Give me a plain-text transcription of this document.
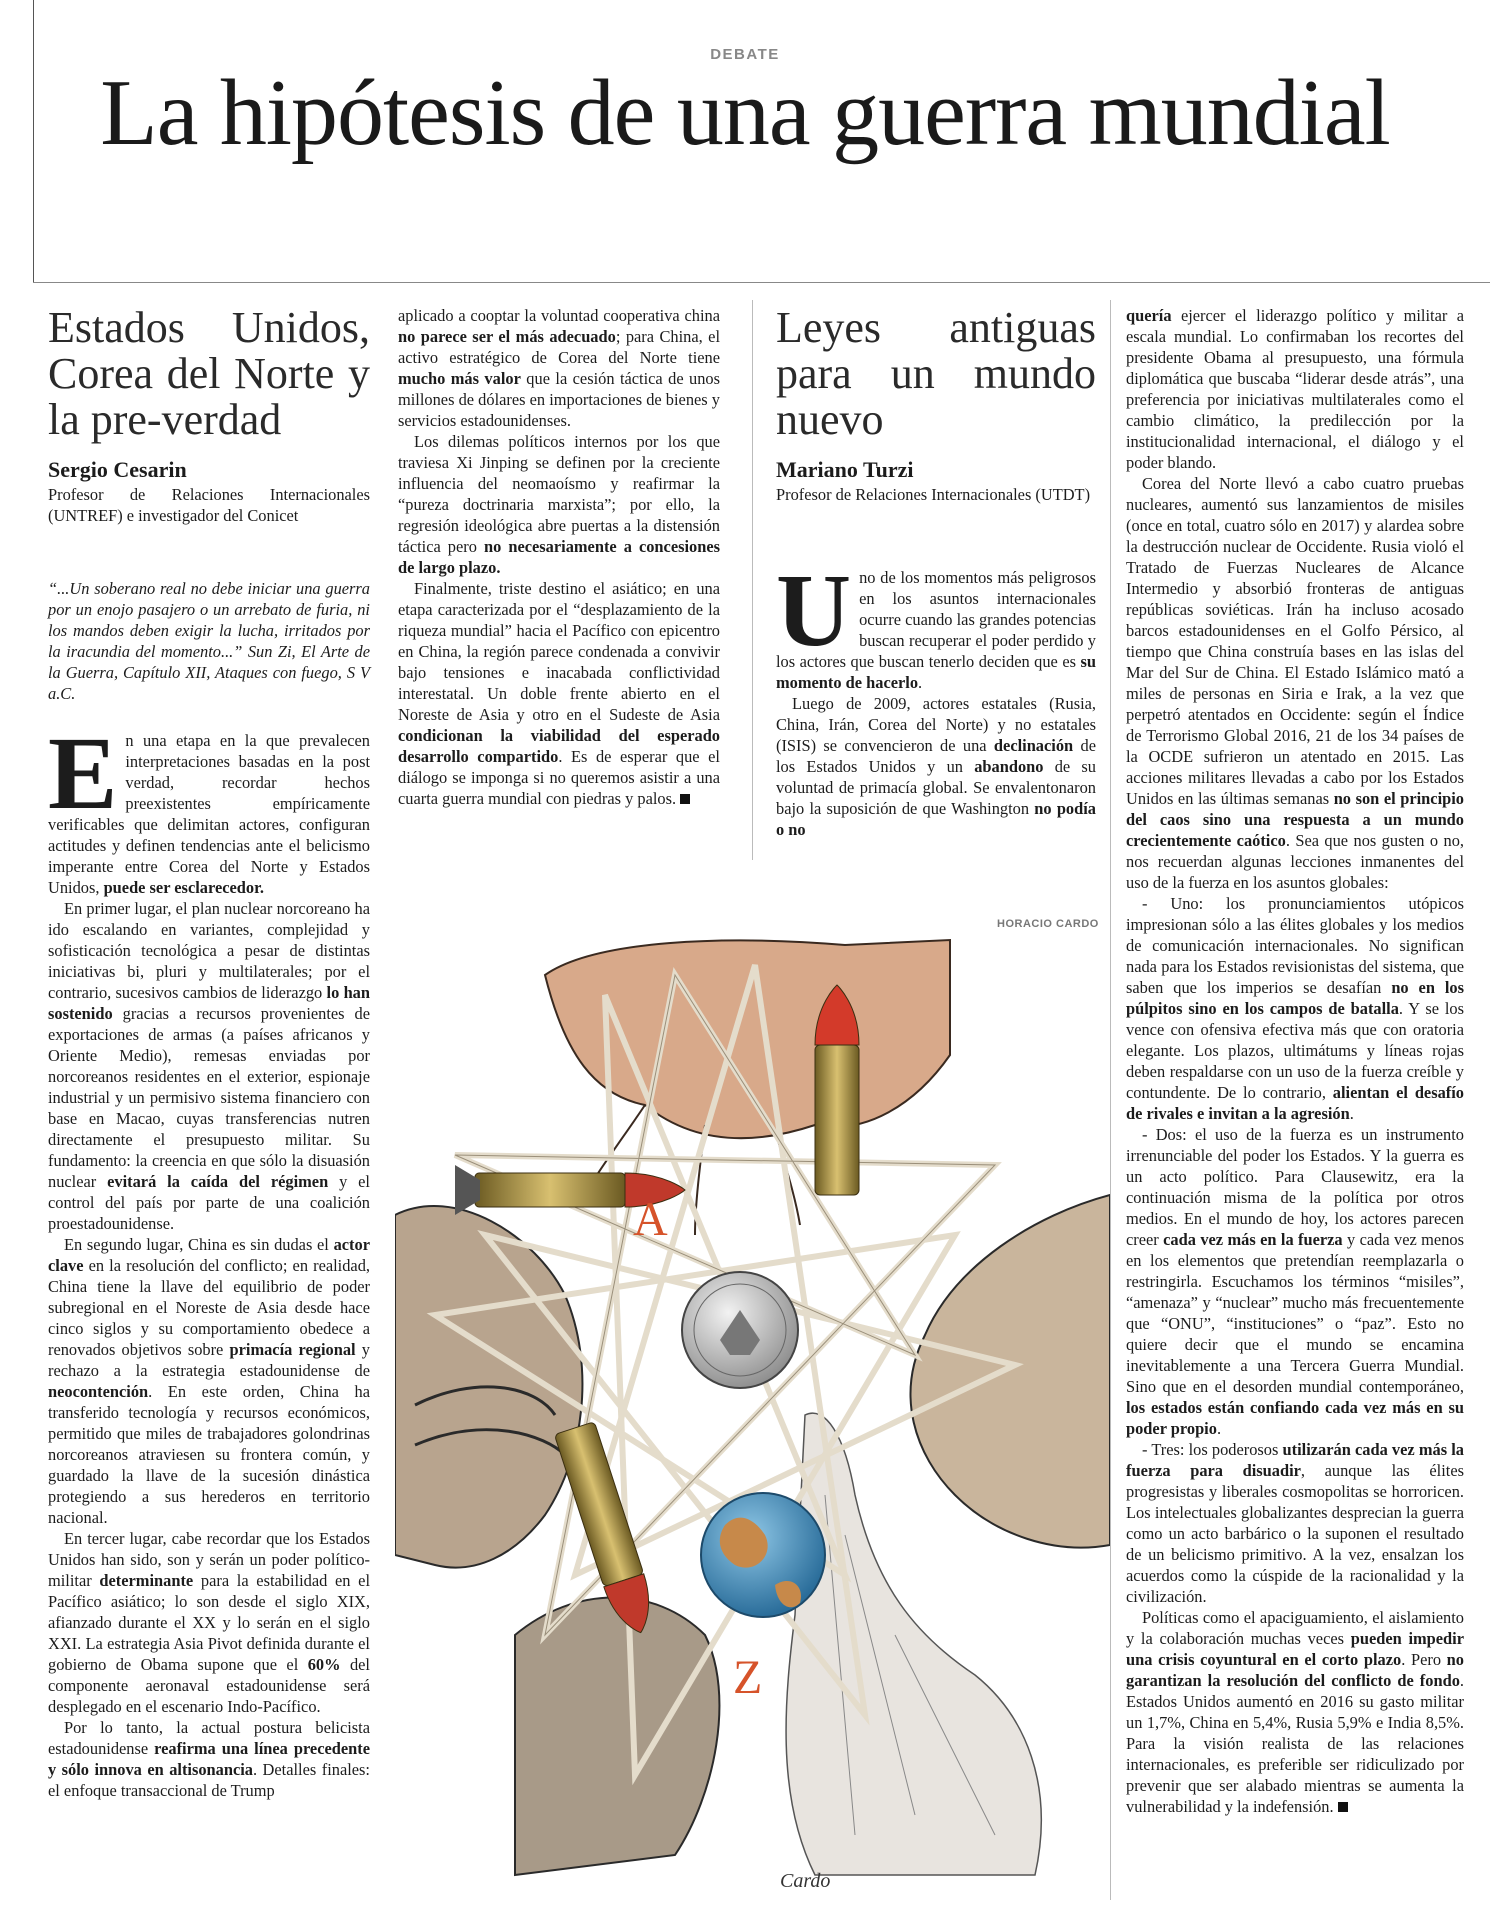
DEBATE
La hipótesis de una guerra mundial
Estados Unidos, Corea del Norte y la pre-verdad
Sergio Cesarin

Profesor de Relaciones Internacionales (UNTREF) e investigador del Conicet

“...Un soberano real no debe iniciar una guerra por un enojo pasajero o un arrebato de furia, ni los mandos deben exigir la lucha, irritados por la iracundia del momento...” Sun Zi, El Arte de la Guerra, Capítulo XII, Ataques con fuego, S V a.C.

En una etapa en la que prevalecen interpretaciones basadas en la post verdad, recordar hechos preexistentes empíricamente verificables que delimitan actores, configuran actitudes y definen tendencias ante el belicismo imperante entre Corea del Norte y Estados Unidos, puede ser esclarecedor.

En primer lugar, el plan nuclear norcoreano ha ido escalando en variantes, complejidad y sofisticación tecnológica a pesar de distintas iniciativas bi, pluri y multilaterales; por el contrario, sucesivos cambios de liderazgo lo han sostenido gracias a recursos provenientes de exportaciones de armas (a países africanos y Oriente Medio), remesas enviadas por norcoreanos residentes en el exterior, espionaje industrial y un permisivo sistema financiero con base en Macao, cuyas transferencias nutren directamente el presupuesto militar. Su fundamento: la creencia en que sólo la disuasión nuclear evitará la caída del régimen y el control del país por parte de una coalición proestadounidense.

En segundo lugar, China es sin dudas el actor clave en la resolución del conflicto; en realidad, China tiene la llave del equilibrio de poder subregional en el Noreste de Asia desde hace cinco siglos y su comportamiento obedece a renovados objetivos sobre primacía regional y rechazo a la estrategia estadounidense de neocontención. En este orden, China ha transferido tecnología y recursos económicos, permitido que miles de trabajadores golondrinas norcoreanos atraviesen su frontera común, y guardado la llave de la sucesión dinástica protegiendo a sus herederos en territorio nacional.

En tercer lugar, cabe recordar que los Estados Unidos han sido, son y serán un poder político-militar determinante para la estabilidad en el Pacífico asiático; lo son desde el siglo XIX, afianzado durante el XX y lo serán en el siglo XXI. La estrategia Asia Pivot definida durante el gobierno de Obama supone que el 60% del componente aeronaval estadounidense será desplegado en el escenario Indo-Pacífico.

Por lo tanto, la actual postura belicista estadounidense reafirma una línea precedente y sólo innova en altisonancia. Detalles finales: el enfoque transaccional de Trump

aplicado a cooptar la voluntad cooperativa china no parece ser el más adecuado; para China, el activo estratégico de Corea del Norte tiene mucho más valor que la cesión táctica de unos millones de dólares en importaciones de bienes y servicios estadounidenses.

Los dilemas políticos internos por los que traviesa Xi Jinping se definen por la creciente influencia del neomaoísmo y reafirmar la “pureza doctrinaria marxista”; por ello, la regresión ideológica abre puertas a la distensión táctica pero no necesariamente a concesiones de largo plazo.

Finalmente, triste destino el asiático; en una etapa caracterizada por el “desplazamiento de la riqueza mundial” hacia el Pacífico con epicentro en China, la región parece condenada a convivir bajo tensiones e inacabada conflictividad interestatal. Un doble frente abierto en el Noreste de Asia y otro en el Sudeste de Asia condicionan la viabilidad del esperado desarrollo compartido. Es de esperar que el diálogo se imponga si no queremos asistir a una cuarta guerra mundial con piedras y palos.

Leyes antiguas para un mundo nuevo
Mariano Turzi

Profesor de Relaciones Internacionales (UTDT)

Uno de los momentos más peligrosos en los asuntos internacionales ocurre cuando las grandes potencias buscan recuperar el poder perdido y los actores que buscan tenerlo deciden que es su momento de hacerlo.

Luego de 2009, actores estatales (Rusia, China, Irán, Corea del Norte) y no estatales (ISIS) se convencieron de una declinación de los Estados Unidos y un abandono de su voluntad de primacía global. Se envalentonaron bajo la suposición de que Washington no podía o no

quería ejercer el liderazgo político y militar a escala mundial. Lo confirmaban los recortes del presidente Obama al presupuesto, una fórmula diplomática que buscaba “liderar desde atrás”, una preferencia por iniciativas multilaterales como el cambio climático, la predilección por la institucionalidad internacional, el diálogo y el poder blando.

Corea del Norte llevó a cabo cuatro pruebas nucleares, aumentó sus lanzamientos de misiles (once en total, cuatro sólo en 2017) y alardea sobre la destrucción nuclear de Occidente. Rusia violó el Tratado de Fuerzas Nucleares de Alcance Intermedio y absorbió fronteras de antiguas repúblicas soviéticas. Irán ha incluso acosado barcos estadounidenses en el Golfo Pérsico, al tiempo que China construía bases en las islas del Mar del Sur de China. El Estado Islámico mató a miles de personas en Siria e Irak, a la vez que perpetró atentados en Occidente: según el Índice de Terrorismo Global 2016, 21 de los 34 países de la OCDE sufrieron un atentado en 2015. Las acciones militares llevadas a cabo por los Estados Unidos en las últimas semanas no son el principio del caos sino una respuesta a un mundo crecientemente caótico. Sea que nos gusten o no, nos recuerdan algunas lecciones inmanentes del uso de la fuerza en los asuntos globales:

- Uno: los pronunciamientos utópicos impresionan sólo a las élites globales y los medios de comunicación internacionales. No significan nada para los Estados revisionistas del sistema, que saben que los imperios se desafían no en los púlpitos sino en los campos de batalla. Y se los vence con ofensiva efectiva más que con oratoria elegante. Los plazos, ultimátums y líneas rojas deben respaldarse con un uso de la fuerza creíble y contundente. De lo contrario, alientan el desafío de rivales e invitan a la agresión.

- Dos: el uso de la fuerza es un instrumento irrenunciable del poder los Estados. Y la guerra es un acto político. Para Clausewitz, era la continuación misma de la política por otros medios. En el mundo de hoy, los actores parecen creer cada vez más en la fuerza y cada vez menos en los elementos que pretendían reemplazarla o restringirla. Escuchamos los términos “misiles”, “amenaza” y “nuclear” mucho más frecuentemente que “ONU”, “instituciones” o “paz”. Esto no quiere decir que el mundo se encamina inevitablemente a una Tercera Guerra Mundial. Sino que en el desorden mundial contemporáneo, los estados están confiando cada vez más en su poder propio.

- Tres: los poderosos utilizarán cada vez más la fuerza para disuadir, aunque las élites progresistas y liberales cosmopolitas se horroricen. Los intelectuales globalizantes desprecian la guerra como un acto barbárico o la suponen el resultado de un belicismo primitivo. A la vez, ensalzan los acuerdos como la cúspide de la racionalidad y la civilización.

Políticas como el apaciguamiento, el aislamiento y la colaboración muchas veces pueden impedir una crisis coyuntural en el corto plazo. Pero no garantizan la resolución del conflicto de fondo. Estados Unidos aumentó en 2016 su gasto militar un 1,7%, China en 5,4%, Rusia 5,9% e India 8,5%. Para la visión realista de las relaciones internacionales, es preferible ser ridiculizado por prevenir que ser alabado mientras se aumenta la vulnerabilidad y la indefensión.

HORACIO CARDO
A
Z
Cardo
